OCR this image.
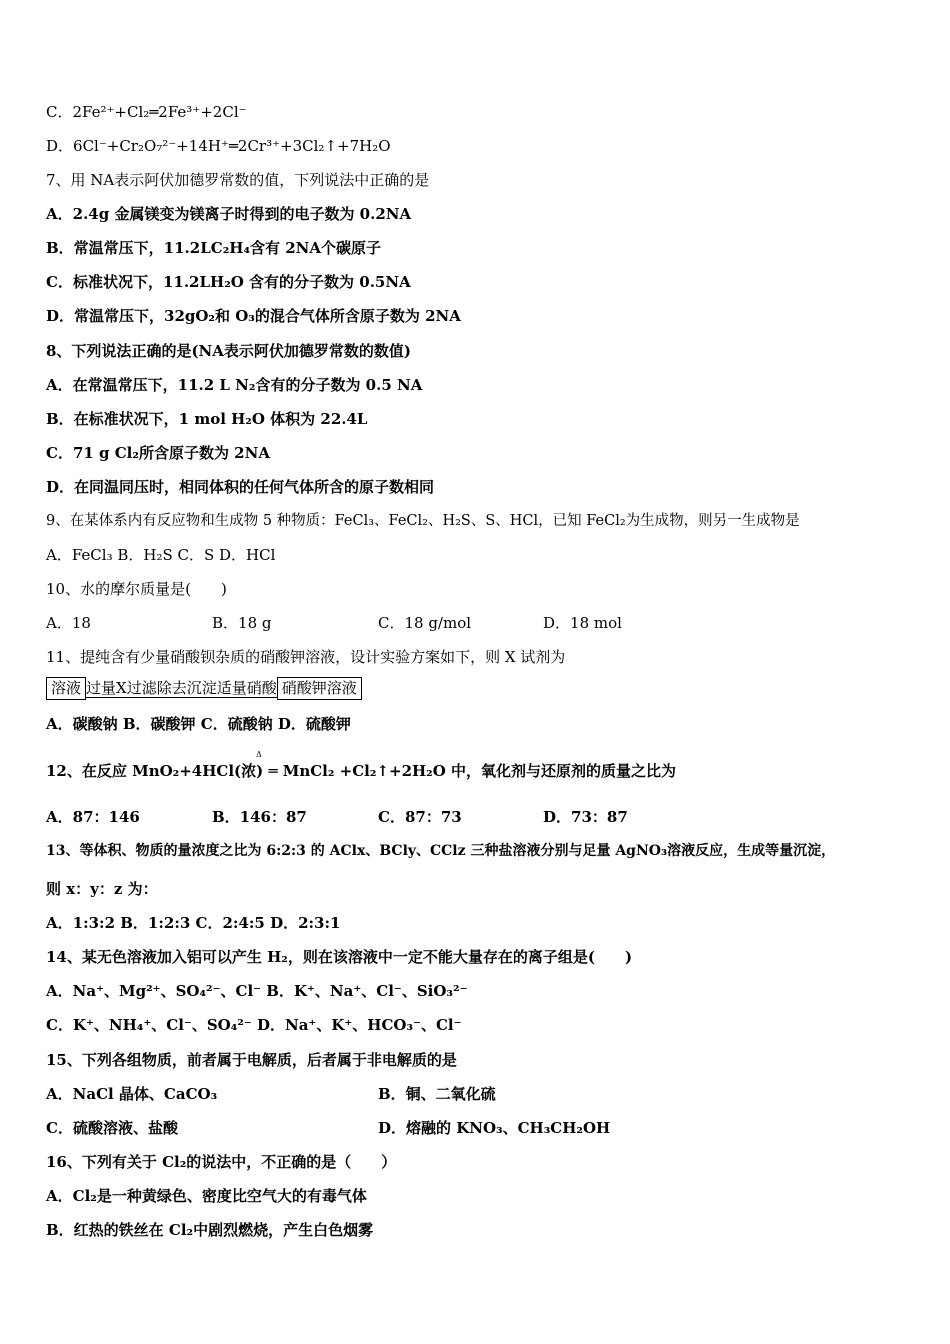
C．2Fe²⁺+Cl₂═2Fe³⁺+2Cl⁻
D．6Cl⁻+Cr₂O₇²⁻+14H⁺═2Cr³⁺+3Cl₂↑+7H₂O
7、用 NA表示阿伏加德罗常数的值，下列说法中正确的是
A．2.4g 金属镁变为镁离子时得到的电子数为 0.2NA
B．常温常压下，11.2LC₂H₄含有 2NA个碳原子
C．标准状况下，11.2LH₂O 含有的分子数为 0.5NA
D．常温常压下，32gO₂和 O₃的混合气体所含原子数为 2NA
8、下列说法正确的是(NA表示阿伏加德罗常数的数值)
A．在常温常压下，11.2 L N₂含有的分子数为 0.5 NA
B．在标准状况下，1 mol H₂O 体积为 22.4L
C．71 g Cl₂所含原子数为 2NA
D．在同温同压时，相同体积的任何气体所含的原子数相同
9、在某体系内有反应物和生成物 5 种物质：FeCl₃、FeCl₂、H₂S、S、HCl，已知 FeCl₂为生成物，则另一生成物是
A．FeCl₃ B．H₂S C．S D．HCl
10、水的摩尔质量是(　　)
A．18	B．18 g	C．18 g/mol	D．18 mol
11、提纯含有少量硝酸钡杂质的硝酸钾溶液，设计实验方案如下，则 X 试剂为
溶液 过量X过滤除去沉淀适量硝酸 硝酸钾溶液
A．碳酸钠 B．碳酸钾 C．硫酸钠 D．硫酸钾
Δ
12、在反应 MnO₂+4HCl(浓) ═ MnCl₂ +Cl₂↑+2H₂O 中，氧化剂与还原剂的质量之比为
A．87：146	B．146：87	C．87：73	D．73：87
13、等体积、物质的量浓度之比为 6:2:3 的 AClx、BCly、CClz 三种盐溶液分别与足量 AgNO₃溶液反应，生成等量沉淀，
则 x：y：z 为：
A．1:3:2 B．1:2:3 C．2:4:5 D．2:3:1
14、某无色溶液加入铝可以产生 H₂，则在该溶液中一定不能大量存在的离子组是(　　)
A．Na⁺、Mg²⁺、SO₄²⁻、Cl⁻ B．K⁺、Na⁺、Cl⁻、SiO₃²⁻
C．K⁺、NH₄⁺、Cl⁻、SO₄²⁻ D．Na⁺、K⁺、HCO₃⁻、Cl⁻
15、下列各组物质，前者属于电解质，后者属于非电解质的是
A．NaCl 晶体、CaCO₃	B．铜、二氧化硫
C．硫酸溶液、盐酸	D．熔融的 KNO₃、CH₃CH₂OH
16、下列有关于 Cl₂的说法中，不正确的是（　　）
A．Cl₂是一种黄绿色、密度比空气大的有毒气体
B．红热的铁丝在 Cl₂中剧烈燃烧，产生白色烟雾
